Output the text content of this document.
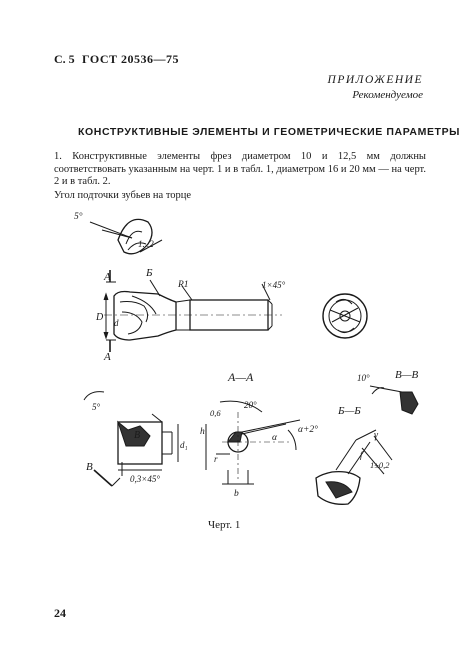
С. 5 ГОСТ 20536—75
ПРИЛОЖЕНИЕ
Рекомендуемое
КОНСТРУКТИВНЫЕ ЭЛЕМЕНТЫ И ГЕОМЕТРИЧЕСКИЕ ПАРАМЕТРЫ
1. Конструктивные элементы фрез диаметром 10 и 12,5 мм должны соответствовать указанным на черт. 1 и в табл. 1, диаметром 16 и 20 мм — на черт. 2 и в табл. 2.
Угол подточки зубьев на торце
5°
1...2
А	Б
R1	1×45°
D d
А
А—А	10° В—В
5°	20°
0,6
α+2°
α
Б—Б
γ
h
r
b
В
d₁
В
0,3×45°
1±0,2
f
Черт. 1
24
